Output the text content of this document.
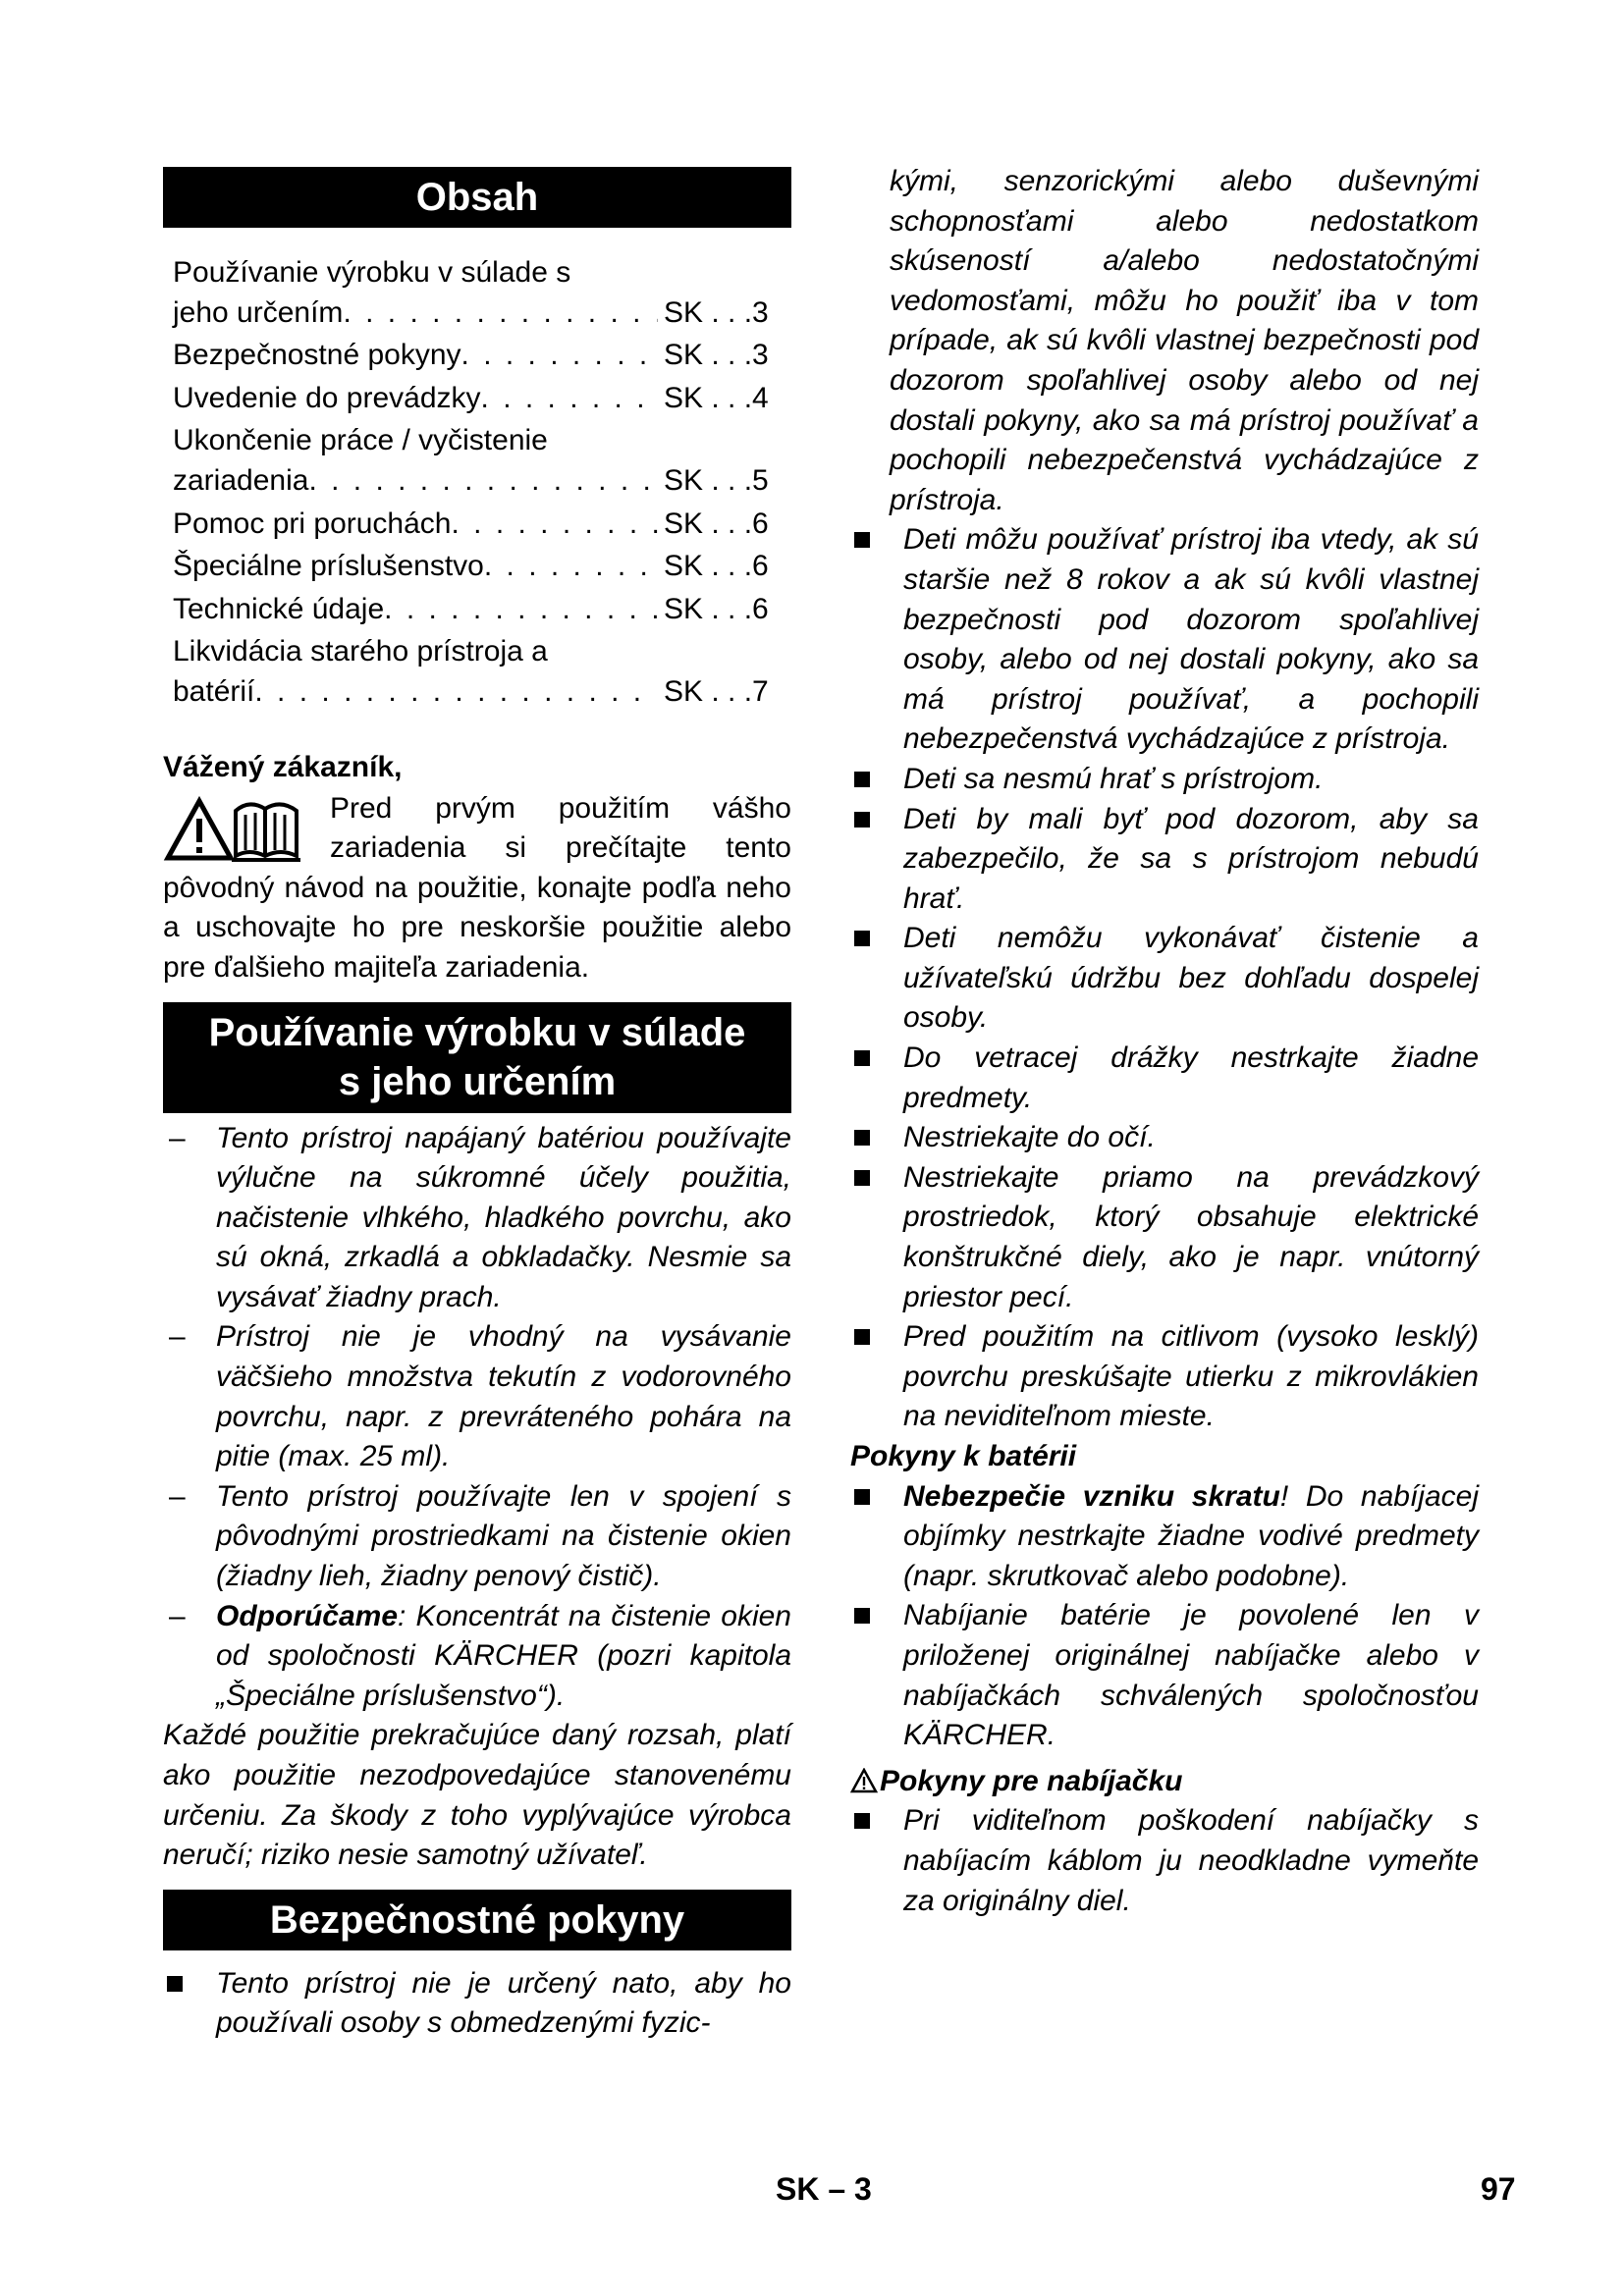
Obsah
Používanie výrobku v súlade s
jeho určením . . .	SK . . .3
Bezpečnostné pokyny . . .	SK . . .3
Uvedenie do prevádzky . . .	SK . . .4
Ukončenie práce / vyčistenie
zariadenia . . .	SK . . .5
Pomoc pri poruchách . . .	SK . . .6
Špeciálne príslušenstvo . . .	SK . . .6
Technické údaje . . .	SK . . .6
Likvidácia starého prístroja a
batérií . . .	SK . . .7
Vážený zákazník,
Pred prvým použitím vášho zariadenia si prečítajte tento pôvodný návod na použitie, konajte podľa neho a uschovajte ho pre neskoršie použitie alebo pre ďalšieho majiteľa zariadenia.
Používanie výrobku v súlade
s jeho určením
– Tento prístroj napájaný batériou používajte výlučne na súkromné účely použitia, načistenie vlhkého, hladkého povrchu, ako sú okná, zrkadlá a obkladačky. Nesmie sa vysávať žiadny prach.
– Prístroj nie je vhodný na vysávanie väčšieho množstva tekutín z vodorovného povrchu, napr. z prevráteného pohára na pitie (max. 25 ml).
– Tento prístroj používajte len v spojení s pôvodnými prostriedkami na čistenie okien (žiadny lieh, žiadny penový čistič).
– Odporúčame: Koncentrát na čistenie okien od spoločnosti KÄRCHER (pozri kapitola „Špeciálne príslušenstvo“).
Každé použitie prekračujúce daný rozsah, platí ako použitie nezodpovedajúce stanovenému určeniu. Za škody z toho vyplývajúce výrobca neručí; riziko nesie samotný užívateľ.
Bezpečnostné pokyny
Tento prístroj nie je určený nato, aby ho používali osoby s obmedzenými fyzic-
kými, senzorickými alebo duševnými schopnosťami alebo nedostatkom skúseností a/alebo nedostatočnými vedomosťami, môžu ho použiť iba v tom prípade, ak sú kvôli vlastnej bezpečnosti pod dozorom spoľahlivej osoby alebo od nej dostali pokyny, ako sa má prístroj používať a pochopili nebezpečenstvá vychádzajúce z prístroja.
Deti môžu používať prístroj iba vtedy, ak sú staršie než 8 rokov a ak sú kvôli vlastnej bezpečnosti pod dozorom spoľahlivej osoby, alebo od nej dostali pokyny, ako sa má prístroj používať, a pochopili nebezpečenstvá vychádzajúce z prístroja.
Deti sa nesmú hrať s prístrojom.
Deti by mali byť pod dozorom, aby sa zabezpečilo, že sa s prístrojom nebudú hrať.
Deti nemôžu vykonávať čistenie a užívateľskú údržbu bez dohľadu dospelej osoby.
Do vetracej drážky nestrkajte žiadne predmety.
Nestriekajte do očí.
Nestriekajte priamo na prevádzkový prostriedok, ktorý obsahuje elektrické konštrukčné diely, ako je napr. vnútorný priestor pecí.
Pred použitím na citlivom (vysoko lesklý) povrchu preskúšajte utierku z mikrovlákien na neviditeľnom mieste.
Pokyny k batérii
Nebezpečie vzniku skratu! Do nabíjacej objímky nestrkajte žiadne vodivé predmety (napr. skrutkovač alebo podobne).
Nabíjanie batérie je povolené len v priloženej originálnej nabíjačke alebo v nabíjačkách schválených spoločnosťou KÄRCHER.
Pokyny pre nabíjačku
Pri viditeľnom poškodení nabíjačky s nabíjacím káblom ju neodkladne vymeňte za originálny diel.
SK – 3	97
